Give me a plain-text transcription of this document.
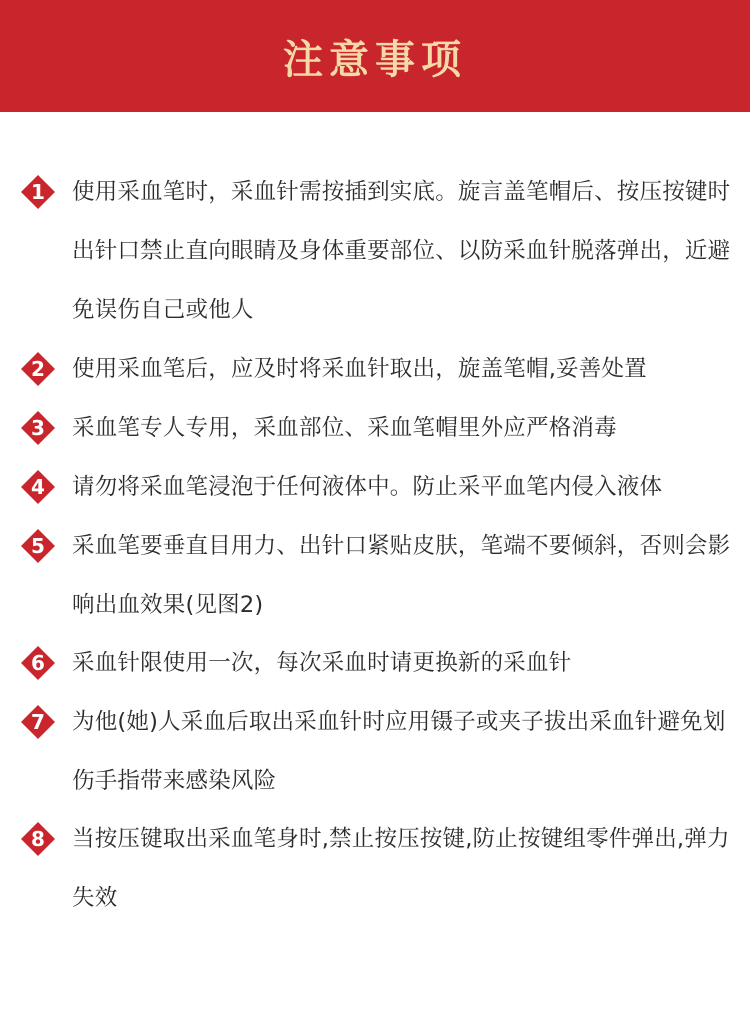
注意事项
1	使用采血笔时，采血针需按插到实底。旋言盖笔帽后、按压按键时出针口禁止直向眼睛及身体重要部位、以防采血针脱落弹出，近避免误伤自己或他人
2	使用采血笔后，应及时将采血针取出，旋盖笔帽,妥善处置
3	采血笔专人专用，采血部位、采血笔帽里外应严格消毒
4	请勿将采血笔浸泡于任何液体中。防止采平血笔内侵入液体
5	采血笔要垂直目用力、出针口紧贴皮肤，笔端不要倾斜，否则会影响出血效果(见图2)
6	采血针限使用一次，每次采血时请更换新的采血针
7	为他(她)人采血后取出采血针时应用镊子或夹子拔出采血针避免划伤手指带来感染风险
8	当按压键取出采血笔身时,禁止按压按键,防止按键组零件弹出,弹力失效
